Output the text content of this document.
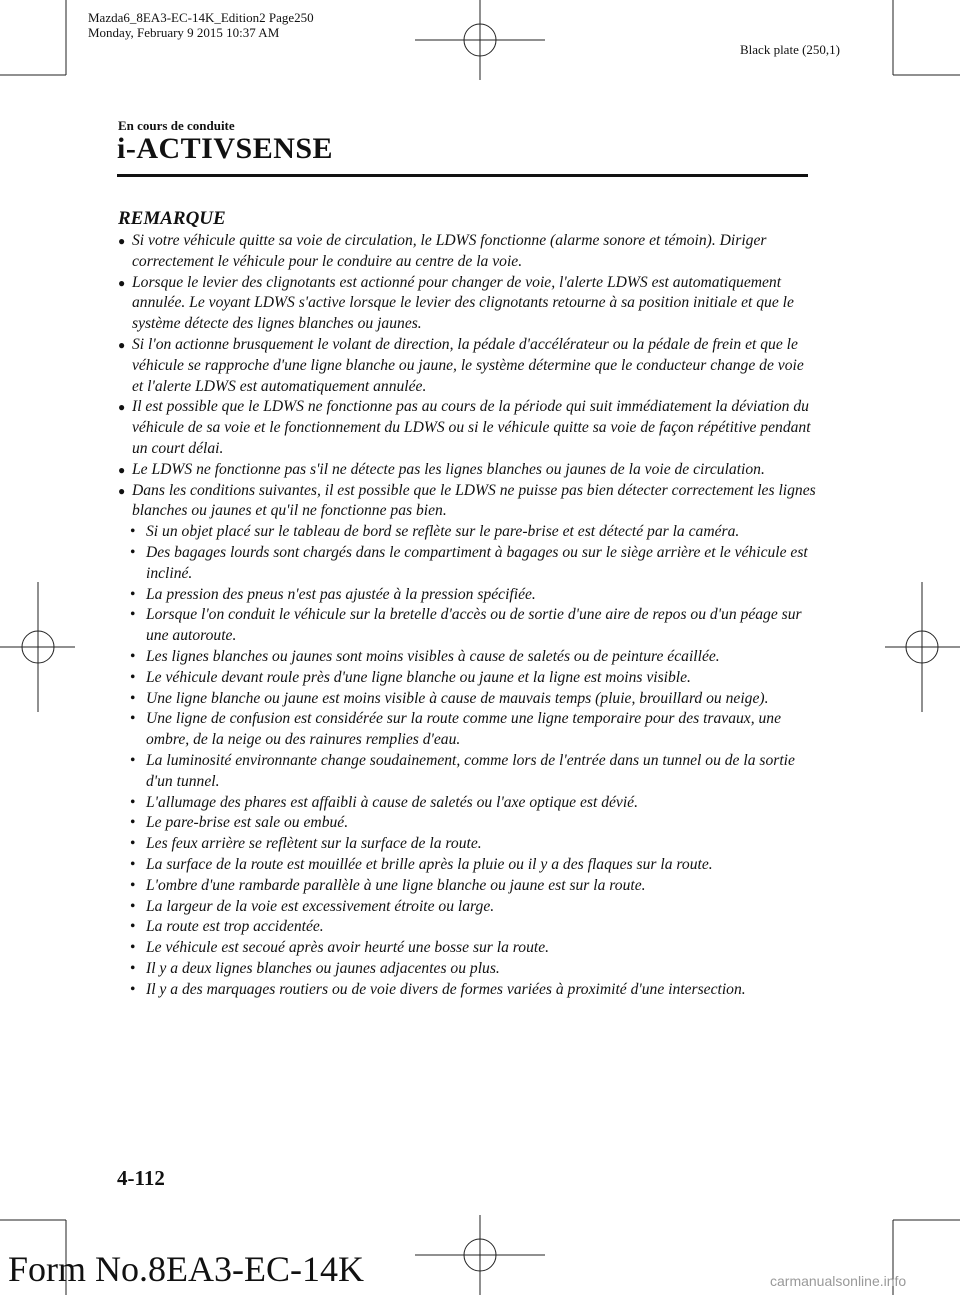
Mazda6_8EA3-EC-14K_Edition2 Page250
Monday, February 9 2015 10:37 AM
Black plate (250,1)
En cours de conduite
i-ACTIVSENSE
REMARQUE
● Si votre véhicule quitte sa voie de circulation, le LDWS fonctionne (alarme sonore et témoin). Diriger correctement le véhicule pour le conduire au centre de la voie.
● Lorsque le levier des clignotants est actionné pour changer de voie, l'alerte LDWS est automatiquement annulée. Le voyant LDWS s'active lorsque le levier des clignotants retourne à sa position initiale et que le système détecte des lignes blanches ou jaunes.
● Si l'on actionne brusquement le volant de direction, la pédale d'accélérateur ou la pédale de frein et que le véhicule se rapproche d'une ligne blanche ou jaune, le système détermine que le conducteur change de voie et l'alerte LDWS est automatiquement annulée.
● Il est possible que le LDWS ne fonctionne pas au cours de la période qui suit immédiatement la déviation du véhicule de sa voie et le fonctionnement du LDWS ou si le véhicule quitte sa voie de façon répétitive pendant un court délai.
● Le LDWS ne fonctionne pas s'il ne détecte pas les lignes blanches ou jaunes de la voie de circulation.
● Dans les conditions suivantes, il est possible que le LDWS ne puisse pas bien détecter correctement les lignes blanches ou jaunes et qu'il ne fonctionne pas bien.
• Si un objet placé sur le tableau de bord se reflète sur le pare-brise et est détecté par la caméra.
• Des bagages lourds sont chargés dans le compartiment à bagages ou sur le siège arrière et le véhicule est incliné.
• La pression des pneus n'est pas ajustée à la pression spécifiée.
• Lorsque l'on conduit le véhicule sur la bretelle d'accès ou de sortie d'une aire de repos ou d'un péage sur une autoroute.
• Les lignes blanches ou jaunes sont moins visibles à cause de saletés ou de peinture écaillée.
• Le véhicule devant roule près d'une ligne blanche ou jaune et la ligne est moins visible.
• Une ligne blanche ou jaune est moins visible à cause de mauvais temps (pluie, brouillard ou neige).
• Une ligne de confusion est considérée sur la route comme une ligne temporaire pour des travaux, une ombre, de la neige ou des rainures remplies d'eau.
• La luminosité environnante change soudainement, comme lors de l'entrée dans un tunnel ou de la sortie d'un tunnel.
• L'allumage des phares est affaibli à cause de saletés ou l'axe optique est dévié.
• Le pare-brise est sale ou embué.
• Les feux arrière se reflètent sur la surface de la route.
• La surface de la route est mouillée et brille après la pluie ou il y a des flaques sur la route.
• L'ombre d'une rambarde parallèle à une ligne blanche ou jaune est sur la route.
• La largeur de la voie est excessivement étroite ou large.
• La route est trop accidentée.
• Le véhicule est secoué après avoir heurté une bosse sur la route.
• Il y a deux lignes blanches ou jaunes adjacentes ou plus.
• Il y a des marquages routiers ou de voie divers de formes variées à proximité d'une intersection.
4-112
Form No.8EA3-EC-14K	carmanualsonline.info
